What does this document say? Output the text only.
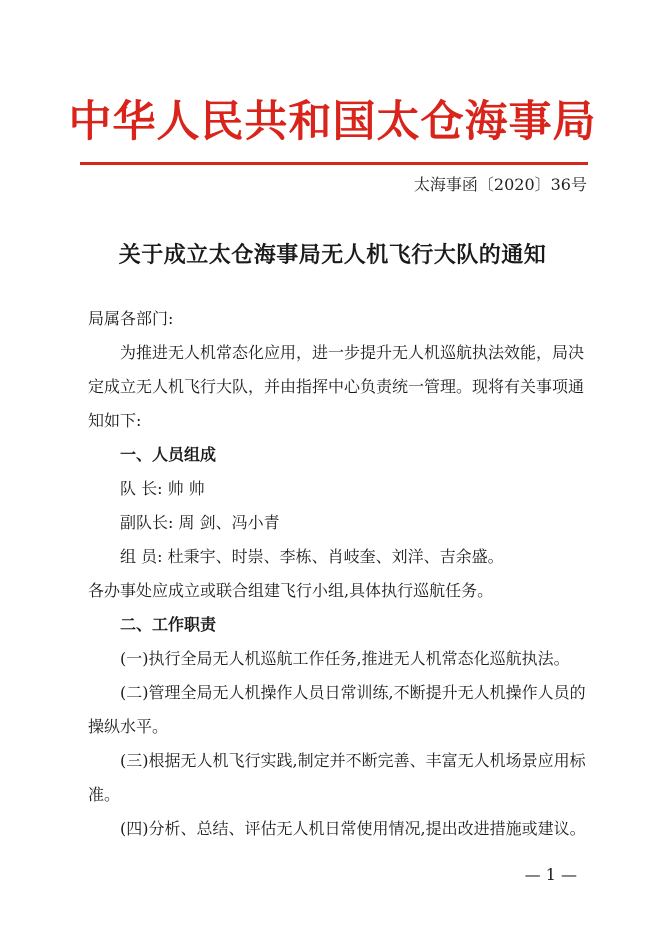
中华人民共和国太仓海事局
太海事函〔2020〕36号
关于成立太仓海事局无人机飞行大队的通知

局属各部门:

为推进无人机常态化应用，进一步提升无人机巡航执法效能，局决定成立无人机飞行大队，并由指挥中心负责统一管理。现将有关事项通知如下:

一、人员组成

队 长: 帅 帅

副队长: 周 剑、冯小青

组 员: 杜秉宇、时崇、李栋、肖岐奎、刘洋、吉余盛。

各办事处应成立或联合组建飞行小组,具体执行巡航任务。

二、工作职责

(一)执行全局无人机巡航工作任务,推进无人机常态化巡航执法。

(二)管理全局无人机操作人员日常训练,不断提升无人机操作人员的操纵水平。

(三)根据无人机飞行实践,制定并不断完善、丰富无人机场景应用标准。

(四)分析、总结、评估无人机日常使用情况,提出改进措施或建议。

— 1 —
